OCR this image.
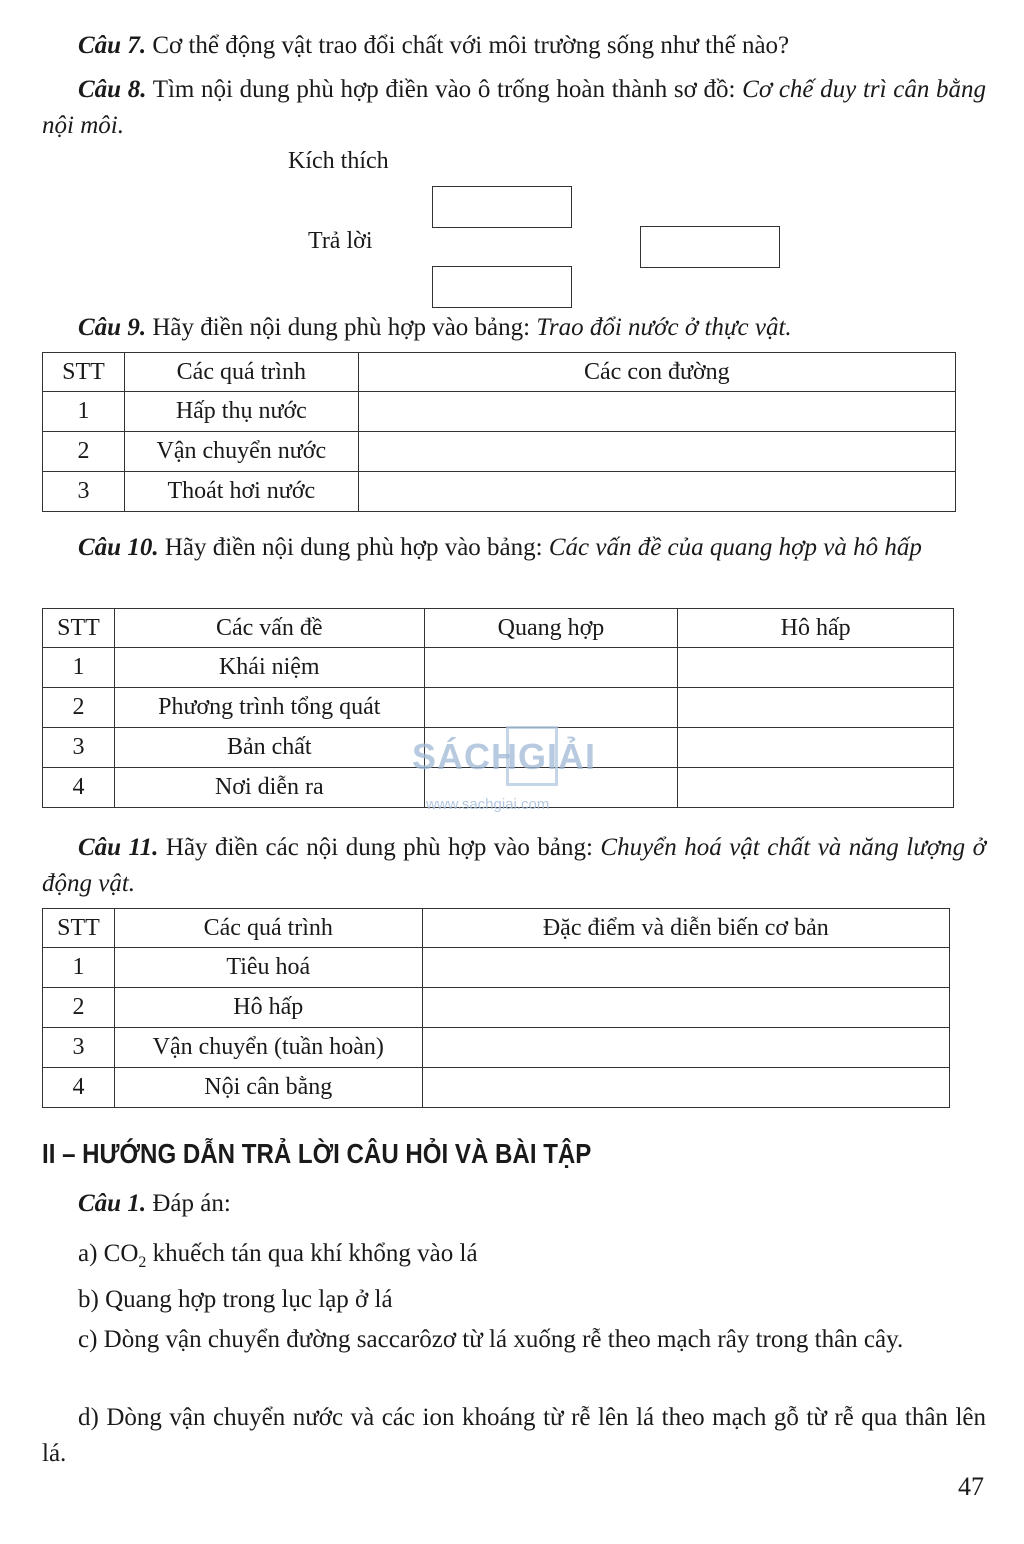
Câu 7. Cơ thể động vật trao đổi chất với môi trường sống như thế nào?

Câu 8. Tìm nội dung phù hợp điền vào ô trống hoàn thành sơ đồ: Cơ chế duy trì cân bằng nội môi.

Kích thích
Trả lời

Câu 9. Hãy điền nội dung phù hợp vào bảng: Trao đổi nước ở thực vật.

STT	Các quá trình	Các con đường
1	Hấp thụ nước	
2	Vận chuyển nước	
3	Thoát hơi nước	

Câu 10. Hãy điền nội dung phù hợp vào bảng: Các vấn đề của quang hợp và hô hấp

STT	Các vấn đề	Quang hợp	Hô hấp
1	Khái niệm		
2	Phương trình tổng quát		
3	Bản chất		
4	Nơi diễn ra		
SÁCHGIẢI
www.sachgiai.com

Câu 11. Hãy điền các nội dung phù hợp vào bảng: Chuyển hoá vật chất và năng lượng ở động vật.

STT	Các quá trình	Đặc điểm và diễn biến cơ bản
1	Tiêu hoá	
2	Hô hấp	
3	Vận chuyển (tuần hoàn)	
4	Nội cân bằng	
II – HƯỚNG DẪN TRẢ LỜI CÂU HỎI VÀ BÀI TẬP

Câu 1. Đáp án:

a) $CO_2$ khuếch tán qua khí khổng vào lá

b) Quang hợp trong lục lạp ở lá

c) Dòng vận chuyển đường saccarôzơ từ lá xuống rễ theo mạch rây trong thân cây.

d) Dòng vận chuyển nước và các ion khoáng từ rễ lên lá theo mạch gỗ từ rễ qua thân lên lá.

47
